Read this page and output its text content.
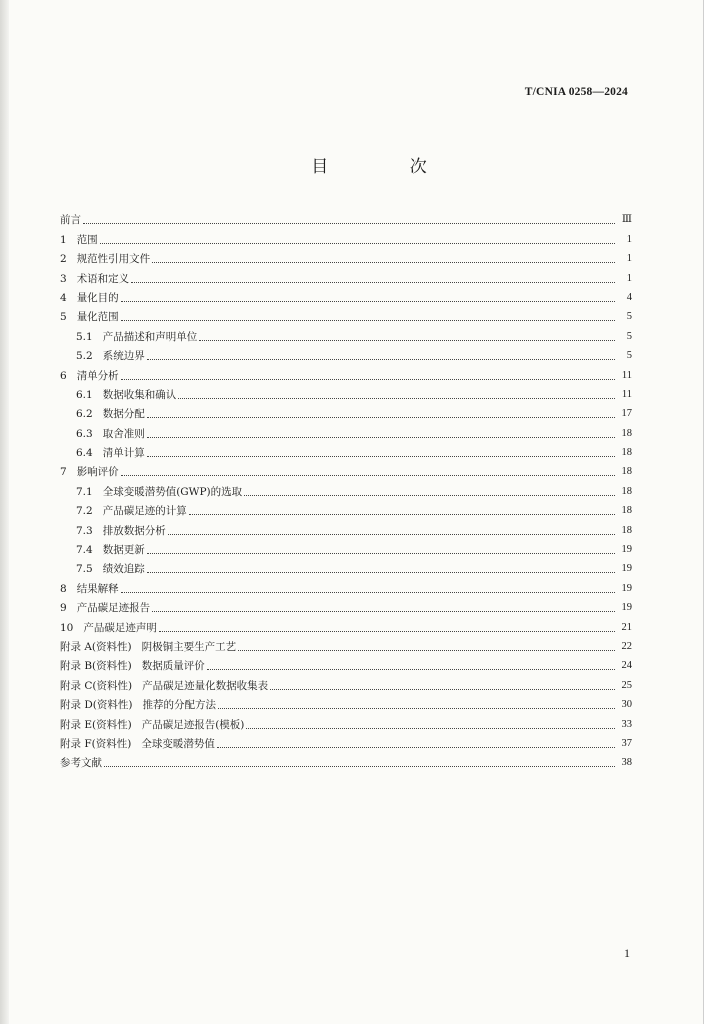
T/CNIA 0258—2024
目 次
前言	Ⅲ
1 范围	1
2 规范性引用文件	1
3 术语和定义	1
4 量化目的	4
5 量化范围	5
5.1 产品描述和声明单位	5
5.2 系统边界	5
6 清单分析	11
6.1 数据收集和确认	11
6.2 数据分配	17
6.3 取舍准则	18
6.4 清单计算	18
7 影响评价	18
7.1 全球变暖潜势值(GWP)的选取	18
7.2 产品碳足迹的计算	18
7.3 排放数据分析	18
7.4 数据更新	19
7.5 绩效追踪	19
8 结果解释	19
9 产品碳足迹报告	19
10 产品碳足迹声明	21
附录 A(资料性) 阴极铜主要生产工艺	22
附录 B(资料性) 数据质量评价	24
附录 C(资料性) 产品碳足迹量化数据收集表	25
附录 D(资料性) 推荐的分配方法	30
附录 E(资料性) 产品碳足迹报告(模板)	33
附录 F(资料性) 全球变暖潜势值	37
参考文献	38
1
